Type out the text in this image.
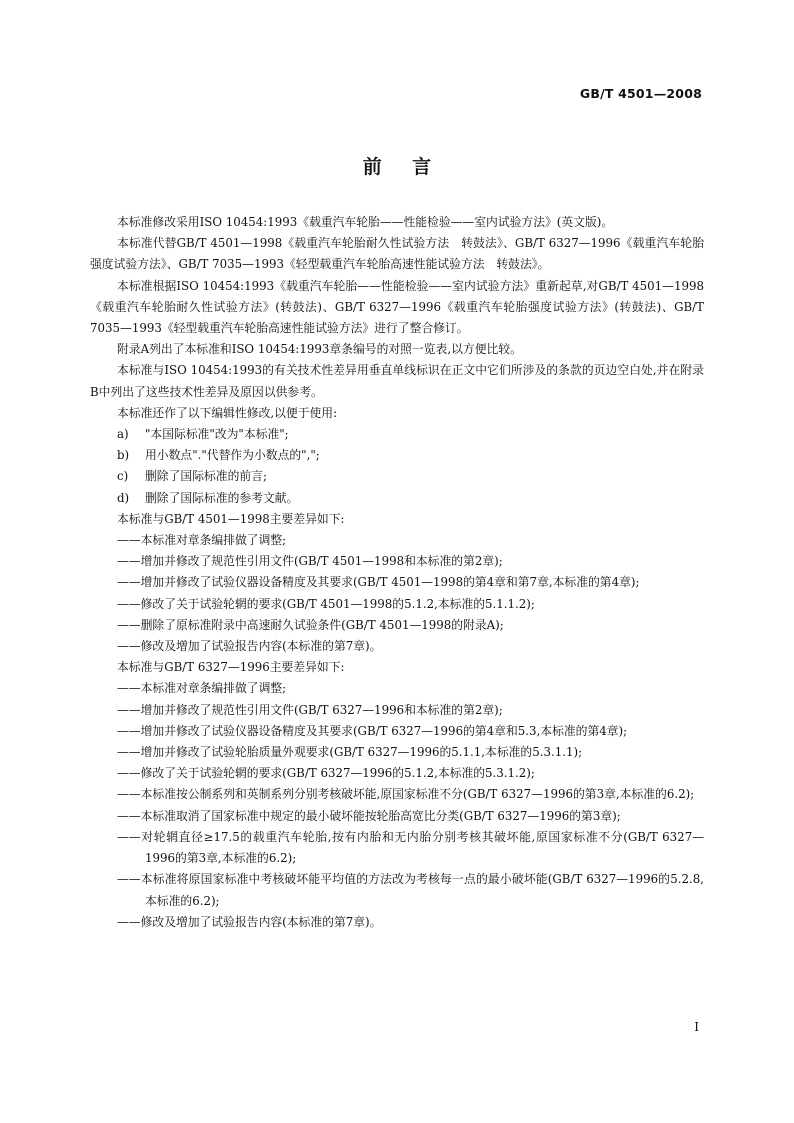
GB/T 4501—2008
前言

本标准修改采用ISO 10454:1993《载重汽车轮胎——性能检验——室内试验方法》(英文版)。

本标准代替GB/T 4501—1998《载重汽车轮胎耐久性试验方法　转鼓法》、GB/T 6327—1996《载重汽车轮胎强度试验方法》、GB/T 7035—1993《轻型载重汽车轮胎高速性能试验方法　转鼓法》。

本标准根据ISO 10454:1993《载重汽车轮胎——性能检验——室内试验方法》重新起草,对GB/T 4501—1998《载重汽车轮胎耐久性试验方法》(转鼓法)、GB/T 6327—1996《载重汽车轮胎强度试验方法》(转鼓法)、GB/T 7035—1993《轻型载重汽车轮胎高速性能试验方法》进行了整合修订。

附录A列出了本标准和ISO 10454:1993章条编号的对照一览表,以方便比较。

本标准与ISO 10454:1993的有关技术性差异用垂直单线标识在正文中它们所涉及的条款的页边空白处,并在附录B中列出了这些技术性差异及原因以供参考。

本标准还作了以下编辑性修改,以便于使用:

a) "本国际标准"改为"本标准";

b) 用小数点"."代替作为小数点的",";

c) 删除了国际标准的前言;

d) 删除了国际标准的参考文献。

本标准与GB/T 4501—1998主要差异如下:

——本标准对章条编排做了调整;

——增加并修改了规范性引用文件(GB/T 4501—1998和本标准的第2章);

——增加并修改了试验仪器设备精度及其要求(GB/T 4501—1998的第4章和第7章,本标准的第4章);

——修改了关于试验轮辋的要求(GB/T 4501—1998的5.1.2,本标准的5.1.1.2);

——删除了原标准附录中高速耐久试验条件(GB/T 4501—1998的附录A);

——修改及增加了试验报告内容(本标准的第7章)。

本标准与GB/T 6327—1996主要差异如下:

——本标准对章条编排做了调整;

——增加并修改了规范性引用文件(GB/T 6327—1996和本标准的第2章);

——增加并修改了试验仪器设备精度及其要求(GB/T 6327—1996的第4章和5.3,本标准的第4章);

——增加并修改了试验轮胎质量外观要求(GB/T 6327—1996的5.1.1,本标准的5.3.1.1);

——修改了关于试验轮辋的要求(GB/T 6327—1996的5.1.2,本标准的5.3.1.2);

——本标准按公制系列和英制系列分别考核破坏能,原国家标准不分(GB/T 6327—1996的第3章,本标准的6.2);

——本标准取消了国家标准中规定的最小破坏能按轮胎高宽比分类(GB/T 6327—1996的第3章);

——对轮辋直径≥17.5的载重汽车轮胎,按有内胎和无内胎分别考核其破坏能,原国家标准不分(GB/T 6327—1996的第3章,本标准的6.2);

——本标准将原国家标准中考核破坏能平均值的方法改为考核每一点的最小破坏能(GB/T 6327—1996的5.2.8,本标准的6.2);

——修改及增加了试验报告内容(本标准的第7章)。

I
